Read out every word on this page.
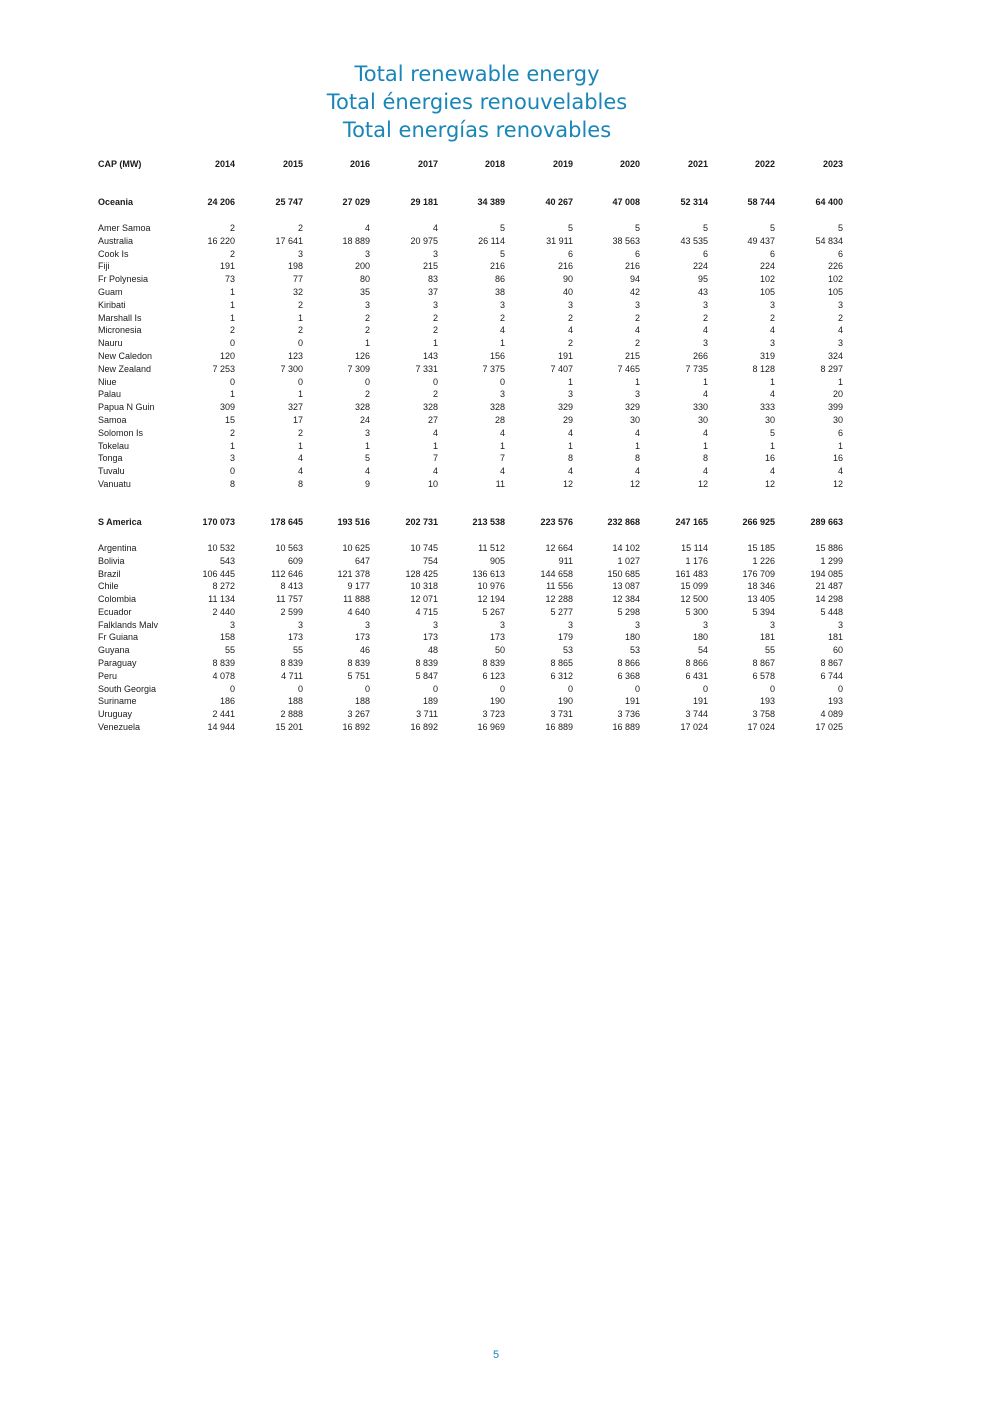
Total renewable energy
Total énergies renouvelables
Total energías renovables
CAP (MW)	2014	2015	2016	2017	2018	2019	2020	2021	2022	2023
Oceania	24 206	25 747	27 029	29 181	34 389	40 267	47 008	52 314	58 744	64 400
Amer Samoa	2	2	4	4	5	5	5	5	5	5
Australia	16 220	17 641	18 889	20 975	26 114	31 911	38 563	43 535	49 437	54 834
Cook Is	2	3	3	3	5	6	6	6	6	6
Fiji	191	198	200	215	216	216	216	224	224	226
Fr Polynesia	73	77	80	83	86	90	94	95	102	102
Guam	1	32	35	37	38	40	42	43	105	105
Kiribati	1	2	3	3	3	3	3	3	3	3
Marshall Is	1	1	2	2	2	2	2	2	2	2
Micronesia	2	2	2	2	4	4	4	4	4	4
Nauru	0	0	1	1	1	2	2	3	3	3
New Caledon	120	123	126	143	156	191	215	266	319	324
New Zealand	7 253	7 300	7 309	7 331	7 375	7 407	7 465	7 735	8 128	8 297
Niue	0	0	0	0	0	1	1	1	1	1
Palau	1	1	2	2	3	3	3	4	4	20
Papua N Guin	309	327	328	328	328	329	329	330	333	399
Samoa	15	17	24	27	28	29	30	30	30	30
Solomon Is	2	2	3	4	4	4	4	4	5	6
Tokelau	1	1	1	1	1	1	1	1	1	1
Tonga	3	4	5	7	7	8	8	8	16	16
Tuvalu	0	4	4	4	4	4	4	4	4	4
Vanuatu	8	8	9	10	11	12	12	12	12	12
S America	170 073	178 645	193 516	202 731	213 538	223 576	232 868	247 165	266 925	289 663
Argentina	10 532	10 563	10 625	10 745	11 512	12 664	14 102	15 114	15 185	15 886
Bolivia	543	609	647	754	905	911	1 027	1 176	1 226	1 299
Brazil	106 445	112 646	121 378	128 425	136 613	144 658	150 685	161 483	176 709	194 085
Chile	8 272	8 413	9 177	10 318	10 976	11 556	13 087	15 099	18 346	21 487
Colombia	11 134	11 757	11 888	12 071	12 194	12 288	12 384	12 500	13 405	14 298
Ecuador	2 440	2 599	4 640	4 715	5 267	5 277	5 298	5 300	5 394	5 448
Falklands Malv	3	3	3	3	3	3	3	3	3	3
Fr Guiana	158	173	173	173	173	179	180	180	181	181
Guyana	55	55	46	48	50	53	53	54	55	60
Paraguay	8 839	8 839	8 839	8 839	8 839	8 865	8 866	8 866	8 867	8 867
Peru	4 078	4 711	5 751	5 847	6 123	6 312	6 368	6 431	6 578	6 744
South Georgia	0	0	0	0	0	0	0	0	0	0
Suriname	186	188	188	189	190	190	191	191	193	193
Uruguay	2 441	2 888	3 267	3 711	3 723	3 731	3 736	3 744	3 758	4 089
Venezuela	14 944	15 201	16 892	16 892	16 969	16 889	16 889	17 024	17 024	17 025
5
